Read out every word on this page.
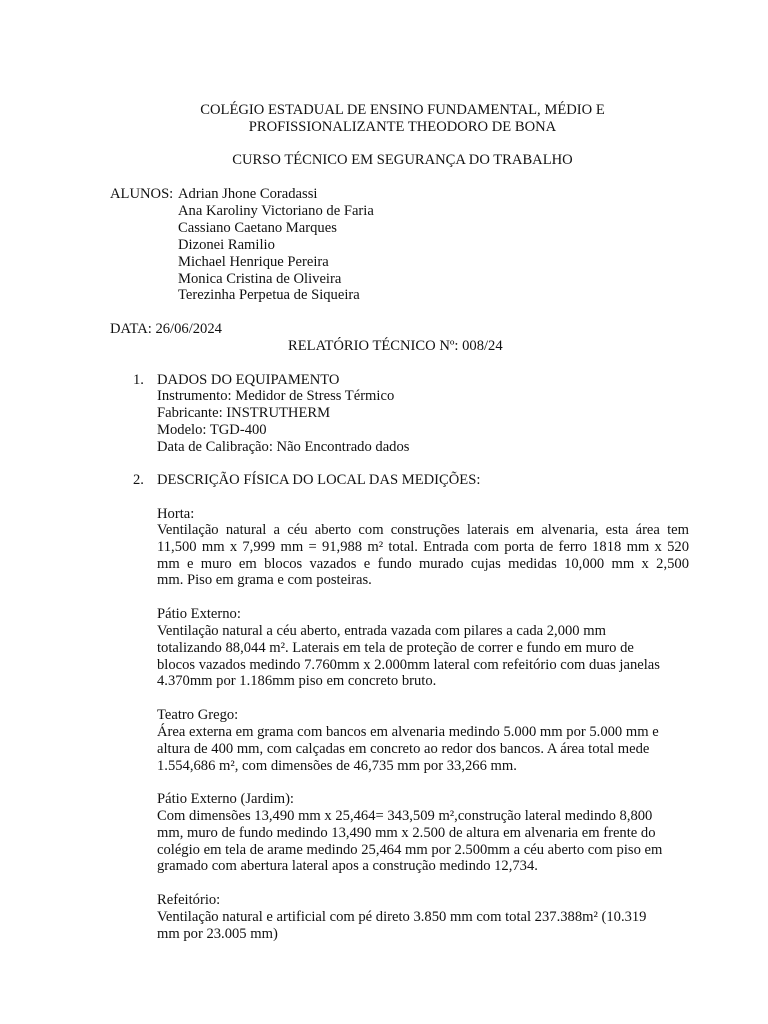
COLÉGIO ESTADUAL DE ENSINO FUNDAMENTAL, MÉDIO E
PROFISSIONALIZANTE THEODORO DE BONA
CURSO TÉCNICO EM SEGURANÇA DO TRABALHO
ALUNOS: Adrian Jhone Coradassi
Ana Karoliny Victoriano de Faria
Cassiano Caetano Marques
Dizonei Ramilio
Michael Henrique Pereira
Monica Cristina de Oliveira
Terezinha Perpetua de Siqueira
DATA: 26/06/2024
RELATÓRIO TÉCNICO Nº: 008/24
1. DADOS DO EQUIPAMENTO
Instrumento: Medidor de Stress Térmico
Fabricante: INSTRUTHERM
Modelo: TGD-400
Data de Calibração: Não Encontrado dados
2. DESCRIÇÃO FÍSICA DO LOCAL DAS MEDIÇÕES:
Horta:
Ventilação natural a céu aberto com construções laterais em alvenaria, esta área tem
11,500 mm x 7,999 mm = 91,988 m² total. Entrada com porta de ferro 1818 mm x 520
mm e muro em blocos vazados e fundo murado cujas medidas 10,000 mm x 2,500
mm. Piso em grama e com posteiras.
Pátio Externo:
Ventilação natural a céu aberto, entrada vazada com pilares a cada 2,000 mm
totalizando 88,044 m². Laterais em tela de proteção de correr e fundo em muro de
blocos vazados medindo 7.760mm x 2.000mm lateral com refeitório com duas janelas
4.370mm por 1.186mm piso em concreto bruto.
Teatro Grego:
Área externa em grama com bancos em alvenaria medindo 5.000 mm por 5.000 mm e
altura de 400 mm, com calçadas em concreto ao redor dos bancos. A área total mede
1.554,686 m², com dimensões de 46,735 mm por 33,266 mm.
Pátio Externo (Jardim):
Com dimensões 13,490 mm x 25,464= 343,509 m²,construção lateral medindo 8,800
mm, muro de fundo medindo 13,490 mm x 2.500 de altura em alvenaria em frente do
colégio em tela de arame medindo 25,464 mm por 2.500mm a céu aberto com piso em
gramado com abertura lateral apos a construção medindo 12,734.
Refeitório:
Ventilação natural e artificial com pé direto 3.850 mm com total 237.388m² (10.319
mm por 23.005 mm)
